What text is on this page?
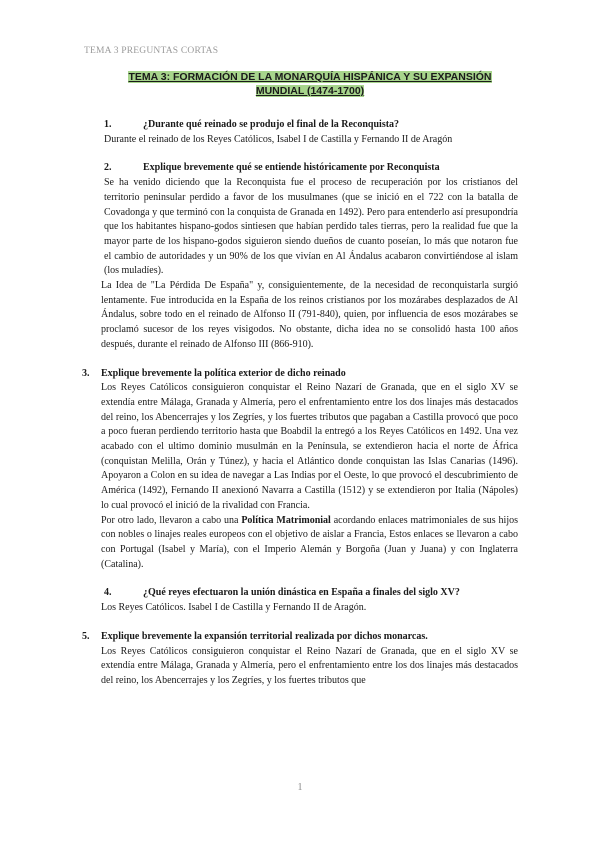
TEMA 3 PREGUNTAS CORTAS
TEMA 3: FORMACIÓN DE LA MONARQUÍA HISPÁNICA Y SU EXPANSIÓN
MUNDIAL (1474-1700)
1.	¿Durante qué reinado se produjo el final de la Reconquista?

Durante el reinado de los Reyes Católicos, Isabel I de Castilla y Fernando II de Aragón

2.	Explique brevemente qué se entiende históricamente por Reconquista

Se ha venido diciendo que la Reconquista fue el proceso de recuperación por los cristianos del territorio peninsular perdido a favor de los musulmanes (que se inició en el 722 con la batalla de Covadonga y que terminó con la conquista de Granada en 1492). Pero para entenderlo así presupondría que los habitantes hispano-godos sintiesen que habían perdido tales tierras, pero la realidad fue que la mayor parte de los hispano-godos siguieron siendo dueños de cuanto poseían, lo más que notaron fue el cambio de autoridades y un 90% de los que vivían en Al Ándalus acabaron convirtiéndose al islam (los muladíes).

La Idea de "La Pérdida De España" y, consiguientemente, de la necesidad de reconquistarla surgió lentamente. Fue introducida en la España de los reinos cristianos por los mozárabes desplazados de Al Ándalus, sobre todo en el reinado de Alfonso II (791-840), quien, por influencia de esos mozárabes se proclamó sucesor de los reyes visigodos. No obstante, dicha idea no se consolidó hasta 100 años después, durante el reinado de Alfonso III (866-910).

3.	Explique brevemente la política exterior de dicho reinado

Los Reyes Católicos consiguieron conquistar el Reino Nazarí de Granada, que en el siglo XV se extendía entre Málaga, Granada y Almería, pero el enfrentamiento entre los dos linajes más destacados del reino, los Abencerrajes y los Zegríes, y los fuertes tributos que pagaban a Castilla provocó que poco a poco fueran perdiendo territorio hasta que Boabdil la entregó a los Reyes Católicos en 1492. Una vez acabado con el ultimo dominio musulmán en la Península, se extendieron hacia el norte de África (conquistan Melilla, Orán y Túnez), y hacia el Atlántico donde conquistan las Islas Canarias (1496). Apoyaron a Colon en su idea de navegar a Las Indias por el Oeste, lo que provocó el descubrimiento de América (1492), Fernando II anexionó Navarra a Castilla (1512) y se extendieron por Italia (Nápoles) lo cual provocó el inició de la rivalidad con Francia.

Por otro lado, llevaron a cabo una Política Matrimonial acordando enlaces matrimoniales de sus hijos con nobles o linajes reales europeos con el objetivo de aislar a Francia, Estos enlaces se llevaron a cabo con Portugal (Isabel y María), con el Imperio Alemán y Borgoña (Juan y Juana) y con Inglaterra (Catalina).

4.	¿Qué reyes efectuaron la unión dinástica en España a finales del siglo XV?

Los Reyes Católicos. Isabel I de Castilla y Fernando II de Aragón.

5.	Explique brevemente la expansión territorial realizada por dichos monarcas.

Los Reyes Católicos consiguieron conquistar el Reino Nazarí de Granada, que en el siglo XV se extendía entre Málaga, Granada y Almería, pero el enfrentamiento entre los dos linajes más destacados del reino, los Abencerrajes y los Zegríes, y los fuertes tributos que

1
